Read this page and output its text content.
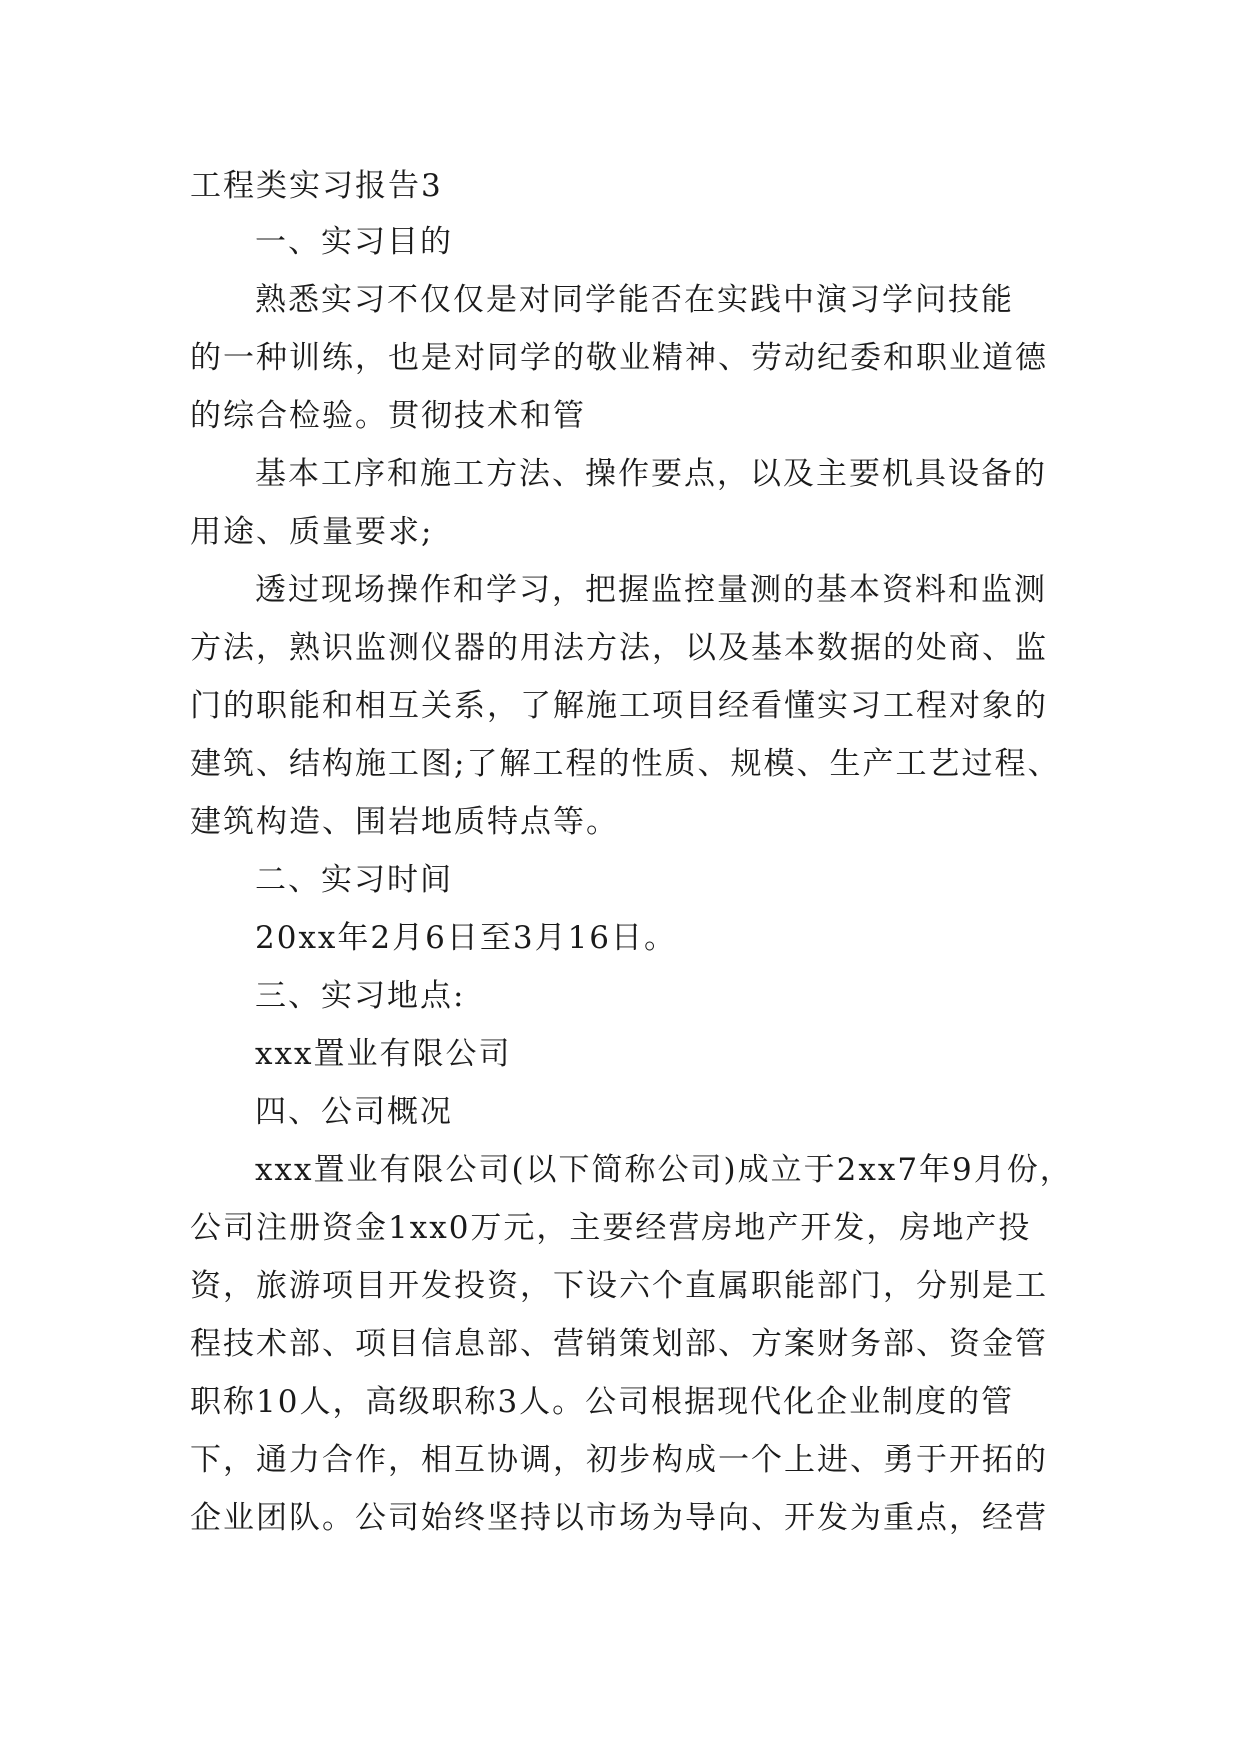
工程类实习报告3
一、实习目的
熟悉实习不仅仅是对同学能否在实践中演习学问技能
的一种训练，也是对同学的敬业精神、劳动纪委和职业道德
的综合检验。贯彻技术和管
基本工序和施工方法、操作要点，以及主要机具设备的
用途、质量要求;
透过现场操作和学习，把握监控量测的基本资料和监测
方法，熟识监测仪器的用法方法，以及基本数据的处商、监
门的职能和相互关系，了解施工项目经看懂实习工程对象的
建筑、结构施工图;了解工程的性质、规模、生产工艺过程、
建筑构造、围岩地质特点等。
二、实习时间
20xx年2月6日至3月16日。
三、实习地点:
xxx置业有限公司
四、公司概况
xxx置业有限公司(以下简称公司)成立于2xx7年9月份，
公司注册资金1xx0万元，主要经营房地产开发，房地产投
资，旅游项目开发投资，下设六个直属职能部门，分别是工
程技术部、项目信息部、营销策划部、方案财务部、资金管
职称10人，高级职称3人。公司根据现代化企业制度的管
下，通力合作，相互协调，初步构成一个上进、勇于开拓的
企业团队。公司始终坚持以市场为导向、开发为重点，经营
